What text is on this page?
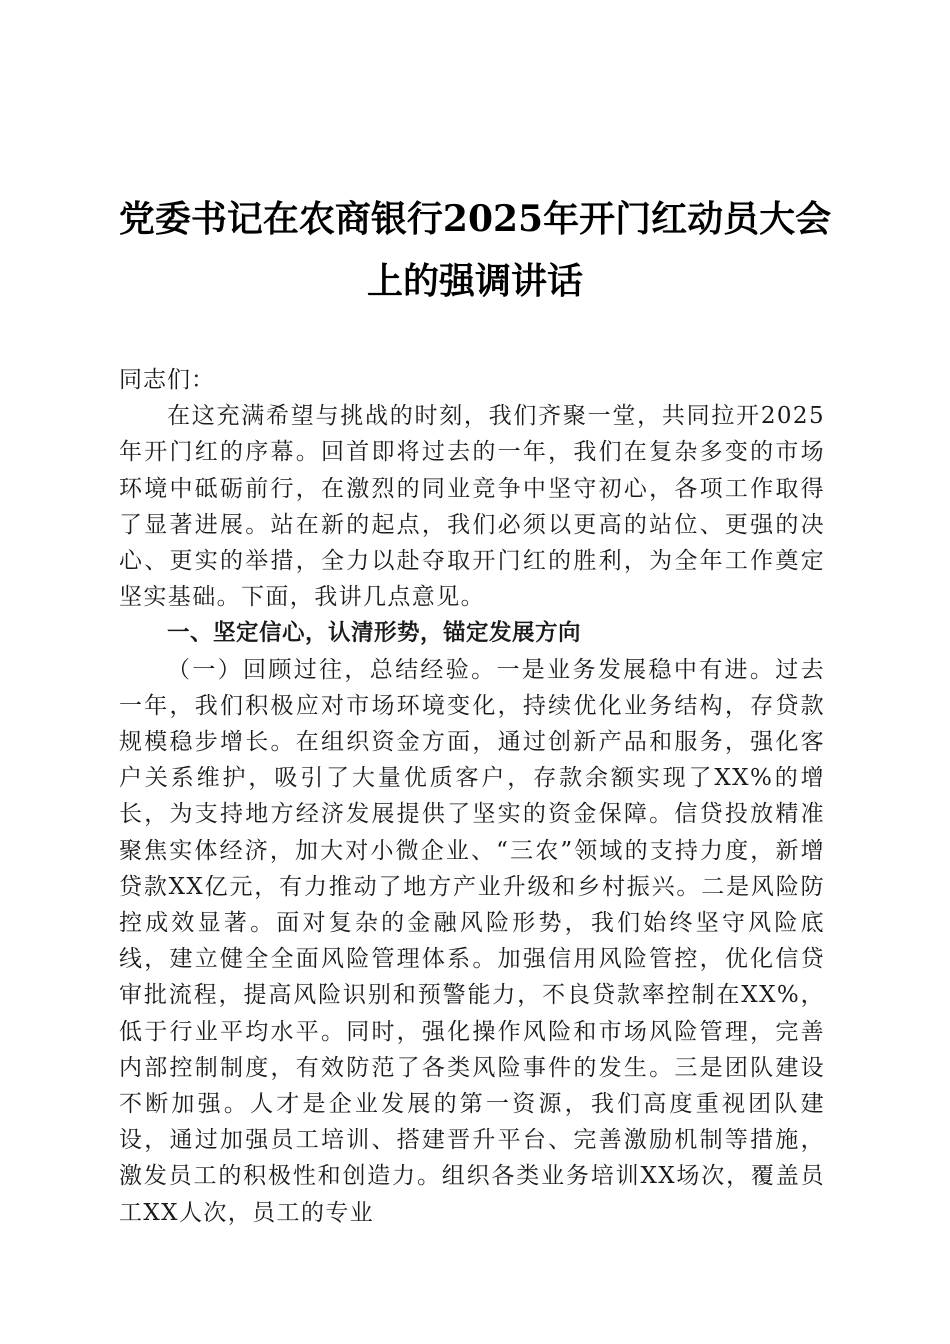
党委书记在农商银行2025年开门红动员大会
上的强调讲话

同志们：

在这充满希望与挑战的时刻，我们齐聚一堂，共同拉开2025年开门红的序幕。回首即将过去的一年，我们在复杂多变的市场环境中砥砺前行，在激烈的同业竞争中坚守初心，各项工作取得了显著进展。站在新的起点，我们必须以更高的站位、更强的决心、更实的举措，全力以赴夺取开门红的胜利，为全年工作奠定坚实基础。下面，我讲几点意见。

一、坚定信心，认清形势，锚定发展方向

（一）回顾过往，总结经验。一是业务发展稳中有进。过去一年，我们积极应对市场环境变化，持续优化业务结构，存贷款规模稳步增长。在组织资金方面，通过创新产品和服务，强化客户关系维护，吸引了大量优质客户，存款余额实现了XX%的增长，为支持地方经济发展提供了坚实的资金保障。信贷投放精准聚焦实体经济，加大对小微企业、“三农”领域的支持力度，新增贷款XX亿元，有力推动了地方产业升级和乡村振兴。二是风险防控成效显著。面对复杂的金融风险形势，我们始终坚守风险底线，建立健全全面风险管理体系。加强信用风险管控，优化信贷审批流程，提高风险识别和预警能力，不良贷款率控制在XX%，低于行业平均水平。同时，强化操作风险和市场风险管理，完善内部控制制度，有效防范了各类风险事件的发生。三是团队建设不断加强。人才是企业发展的第一资源，我们高度重视团队建设，通过加强员工培训、搭建晋升平台、完善激励机制等措施，激发员工的积极性和创造力。组织各类业务培训XX场次，覆盖员工XX人次，员工的专业
